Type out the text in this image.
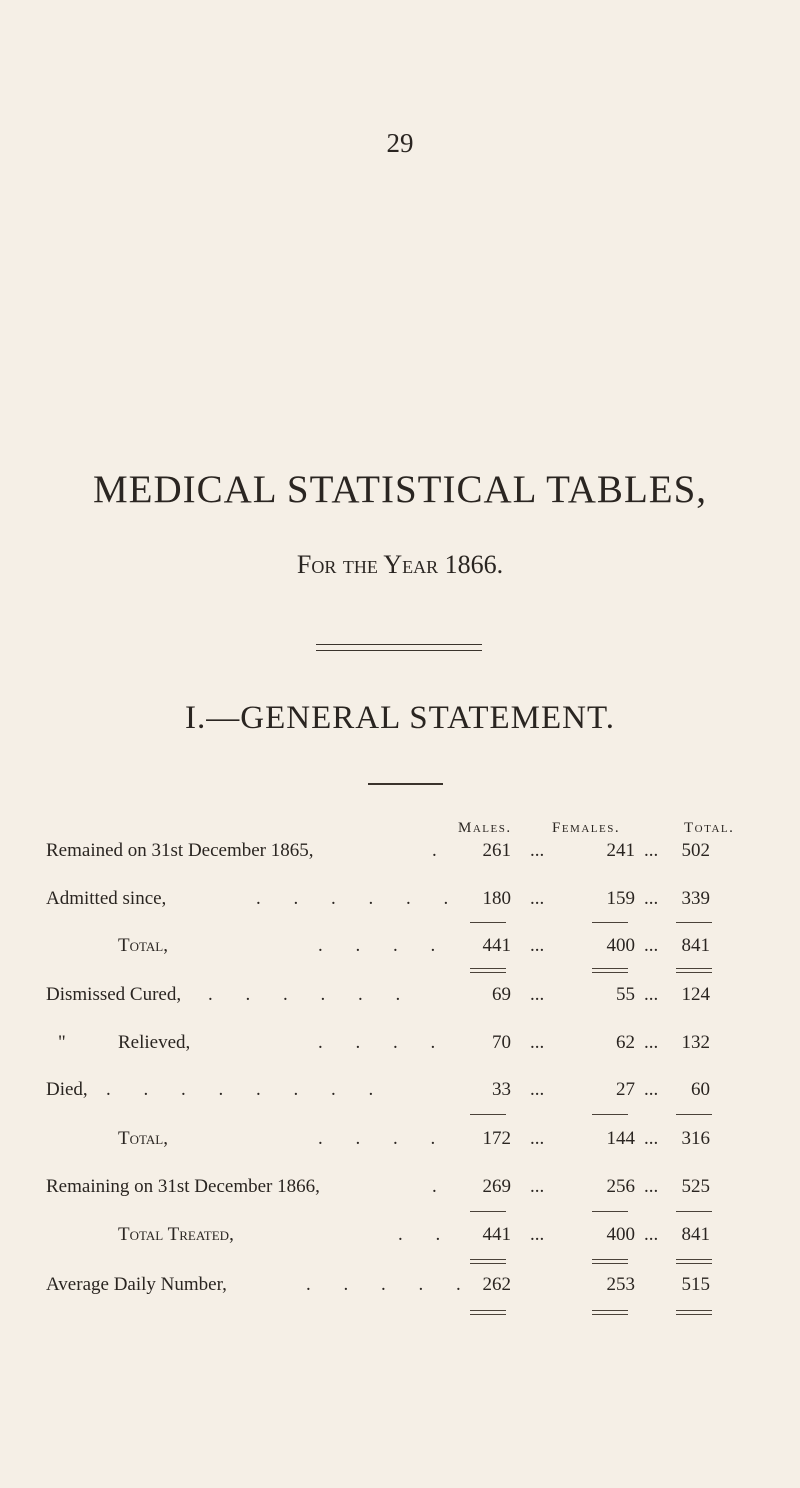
29
MEDICAL STATISTICAL TABLES,
For the Year 1866.
I.—GENERAL STATEMENT.
Males.	Females.	Total.
Remained on 31st December 1865,	.	261 ...	241 ...	502
Admitted since,	. . . . . .	180 ...	159 ...	339
Total,	. . . .	441 ...	400 ...	841
Dismissed Cured, . . . . . .	69 ...	55 ...	124
"	Relieved,	. . . .	70 ...	62 ...	132
Died, . . . . . . . .	33 ...	27 ...	60
Total,	. . . .	172 ...	144 ...	316
Remaining on 31st December 1866,	.	269 ...	256 ...	525
Total Treated,	. .	441 ...	400 ...	841
Average Daily Number,	. . . . . 262	253	515
